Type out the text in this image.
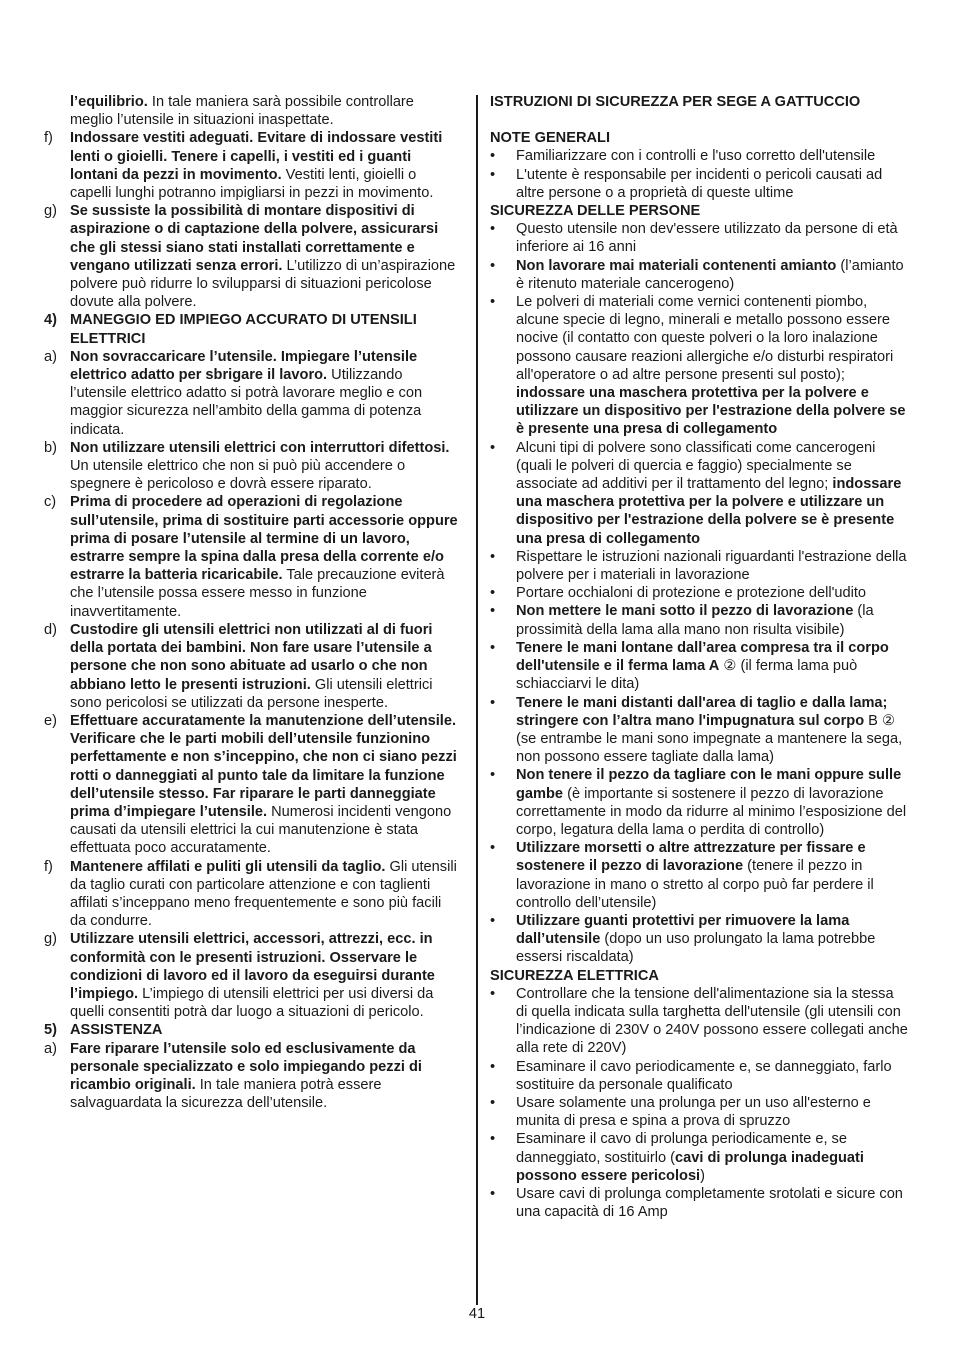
l’equilibrio. In tale maniera sarà possibile controllare meglio l’utensile in situazioni inaspettate.

f) Indossare vestiti adeguati. Evitare di indossare vestiti lenti o gioielli. Tenere i capelli, i vestiti ed i guanti lontani da pezzi in movimento. Vestiti lenti, gioielli o capelli lunghi potranno impigliarsi in pezzi in movimento.

g) Se sussiste la possibilità di montare dispositivi di aspirazione o di captazione della polvere, assicurarsi che gli stessi siano stati installati correttamente e vengano utilizzati senza errori. L’utilizzo di un’aspirazione polvere può ridurre lo svilupparsi di situazioni pericolose dovute alla polvere.

4) MANEGGIO ED IMPIEGO ACCURATO DI UTENSILI ELETTRICI

a) Non sovraccaricare l’utensile. Impiegare l’utensile elettrico adatto per sbrigare il lavoro. Utilizzando l’utensile elettrico adatto si potrà lavorare meglio e con maggior sicurezza nell’ambito della gamma di potenza indicata.

b) Non utilizzare utensili elettrici con interruttori difettosi. Un utensile elettrico che non si può più accendere o spegnere è pericoloso e dovrà essere riparato.

c) Prima di procedere ad operazioni di regolazione sull’utensile, prima di sostituire parti accessorie oppure prima di posare l’utensile al termine di un lavoro, estrarre sempre la spina dalla presa della corrente e/o estrarre la batteria ricaricabile. Tale precauzione eviterà che l’utensile possa essere messo in funzione inavvertitamente.

d) Custodire gli utensili elettrici non utilizzati al di fuori della portata dei bambini. Non fare usare l’utensile a persone che non sono abituate ad usarlo o che non abbiano letto le presenti istruzioni. Gli utensili elettrici sono pericolosi se utilizzati da persone inesperte.

e) Effettuare accuratamente la manutenzione dell’utensile. Verificare che le parti mobili dell’utensile funzionino perfettamente e non s’inceppino, che non ci siano pezzi rotti o danneggiati al punto tale da limitare la funzione dell’utensile stesso. Far riparare le parti danneggiate prima d’impiegare l’utensile. Numerosi incidenti vengono causati da utensili elettrici la cui manutenzione è stata effettuata poco accuratamente.

f) Mantenere affilati e puliti gli utensili da taglio. Gli utensili da taglio curati con particolare attenzione e con taglienti affilati s’inceppano meno frequentemente e sono più facili da condurre.

g) Utilizzare utensili elettrici, accessori, attrezzi, ecc. in conformità con le presenti istruzioni. Osservare le condizioni di lavoro ed il lavoro da eseguirsi durante l’impiego. L’impiego di utensili elettrici per usi diversi da quelli consentiti potrà dar luogo a situazioni di pericolo.

5) ASSISTENZA

a) Fare riparare l’utensile solo ed esclusivamente da personale specializzato e solo impiegando pezzi di ricambio originali. In tale maniera potrà essere salvaguardata la sicurezza dell’utensile.

ISTRUZIONI DI SICUREZZA PER SEGE A GATTUCCIO

NOTE GENERALI

• Familiarizzare con i controlli e l'uso corretto dell'utensile

• L'utente è responsabile per incidenti o pericoli causati ad altre persone o a proprietà di queste ultime

SICUREZZA DELLE PERSONE

• Questo utensile non dev'essere utilizzato da persone di età inferiore ai 16 anni

• Non lavorare mai materiali contenenti amianto (l’amianto è ritenuto materiale cancerogeno)

• Le polveri di materiali come vernici contenenti piombo, alcune specie di legno, minerali e metallo possono essere nocive (il contatto con queste polveri o la loro inalazione possono causare reazioni allergiche e/o disturbi respiratori all'operatore o ad altre persone presenti sul posto); indossare una maschera protettiva per la polvere e utilizzare un dispositivo per l'estrazione della polvere se è presente una presa di collegamento

• Alcuni tipi di polvere sono classificati come cancerogeni (quali le polveri di quercia e faggio) specialmente se associate ad additivi per il trattamento del legno; indossare una maschera protettiva per la polvere e utilizzare un dispositivo per l'estrazione della polvere se è presente una presa di collegamento

• Rispettare le istruzioni nazionali riguardanti l'estrazione della polvere per i materiali in lavorazione

• Portare occhialoni di protezione e protezione dell'udito

• Non mettere le mani sotto il pezzo di lavorazione (la prossimità della lama alla mano non risulta visibile)

• Tenere le mani lontane dall’area compresa tra il corpo dell'utensile e il ferma lama A ② (il ferma lama può schiacciarvi le dita)

• Tenere le mani distanti dall'area di taglio e dalla lama; stringere con l’altra mano l'impugnatura sul corpo B ② (se entrambe le mani sono impegnate a mantenere la sega, non possono essere tagliate dalla lama)

• Non tenere il pezzo da tagliare con le mani oppure sulle gambe (è importante si sostenere il pezzo di lavorazione correttamente in modo da ridurre al minimo l’esposizione del corpo, legatura della lama o perdita di controllo)

• Utilizzare morsetti o altre attrezzature per fissare e sostenere il pezzo di lavorazione (tenere il pezzo in lavorazione in mano o stretto al corpo può far perdere il controllo dell’utensile)

• Utilizzare guanti protettivi per rimuovere la lama dall’utensile (dopo un uso prolungato la lama potrebbe essersi riscaldata)

SICUREZZA ELETTRICA

• Controllare che la tensione dell'alimentazione sia la stessa di quella indicata sulla targhetta dell'utensile (gli utensili con l’indicazione di 230V o 240V possono essere collegati anche alla rete di 220V)

• Esaminare il cavo periodicamente e, se danneggiato, farlo sostituire da personale qualificato

• Usare solamente una prolunga per un uso all'esterno e munita di presa e spina a prova di spruzzo

• Esaminare il cavo di prolunga periodicamente e, se danneggiato, sostituirlo (cavi di prolunga inadeguati possono essere pericolosi)

• Usare cavi di prolunga completamente srotolati e sicure con una capacità di 16 Amp

41
